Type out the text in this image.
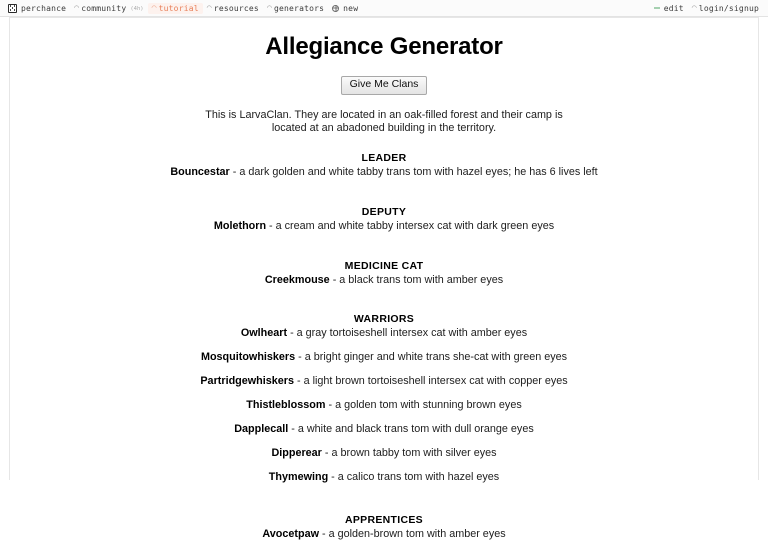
perchance ◠ community (4h) ◠ tutorial ◠ resources ◠ generators new	edit ◠ login/signup
Allegiance Generator
Give Me Clans

This is LarvaClan. They are located in an oak-filled forest and their camp is located at an abadoned building in the territory.

LEADER

Bouncestar - a dark golden and white tabby trans tom with hazel eyes; he has 6 lives left

DEPUTY

Molethorn - a cream and white tabby intersex cat with dark green eyes

MEDICINE CAT

Creekmouse - a black trans tom with amber eyes

WARRIORS

Owlheart - a gray tortoiseshell intersex cat with amber eyes

Mosquitowhiskers - a bright ginger and white trans she-cat with green eyes

Partridgewhiskers - a light brown tortoiseshell intersex cat with copper eyes

Thistleblossom - a golden tom with stunning brown eyes

Dapplecall - a white and black trans tom with dull orange eyes

Dipperear - a brown tabby tom with silver eyes

Thymewing - a calico trans tom with hazel eyes

APPRENTICES

Avocetpaw - a golden-brown tom with amber eyes
